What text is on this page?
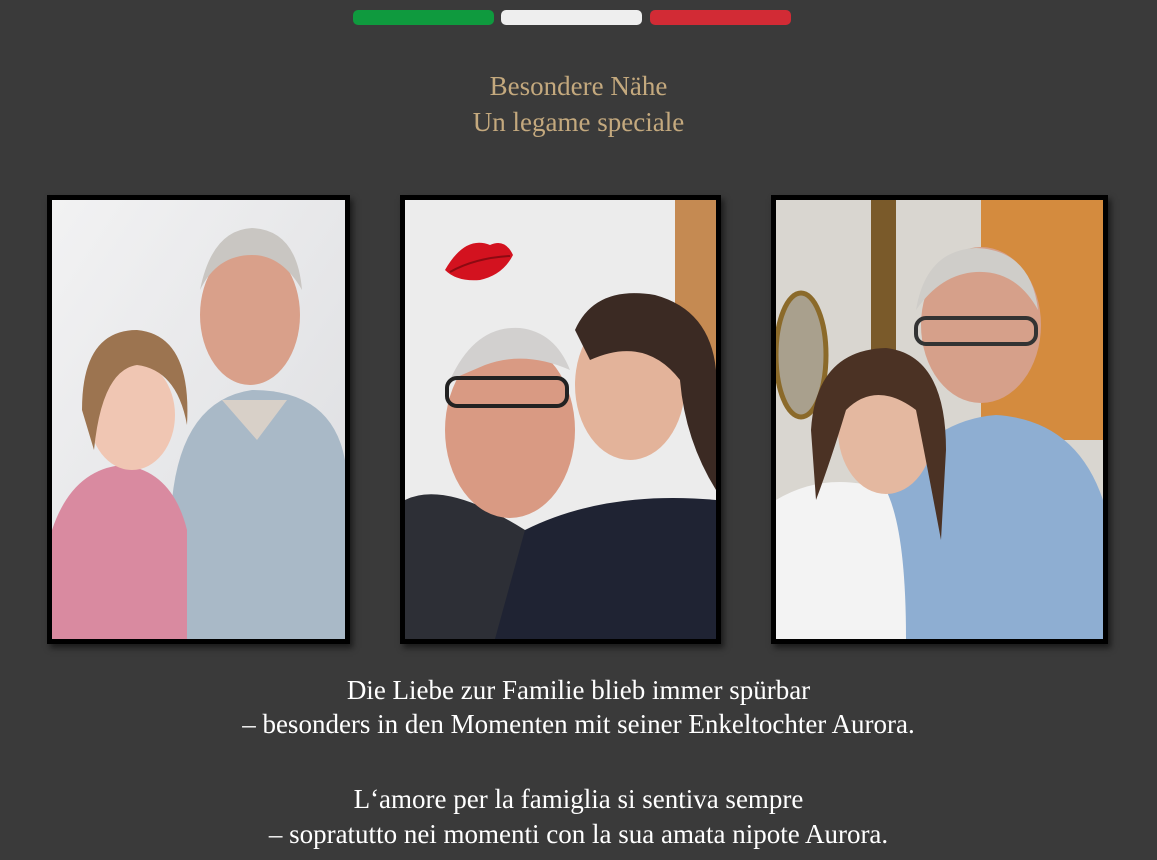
Besondere Nähe
Un legame speciale
Die Liebe zur Familie blieb immer spürbar
– besonders in den Momenten mit seiner Enkeltochter Aurora.
L‘amore per la famiglia si sentiva sempre
– sopratutto nei momenti con la sua amata nipote Aurora.
